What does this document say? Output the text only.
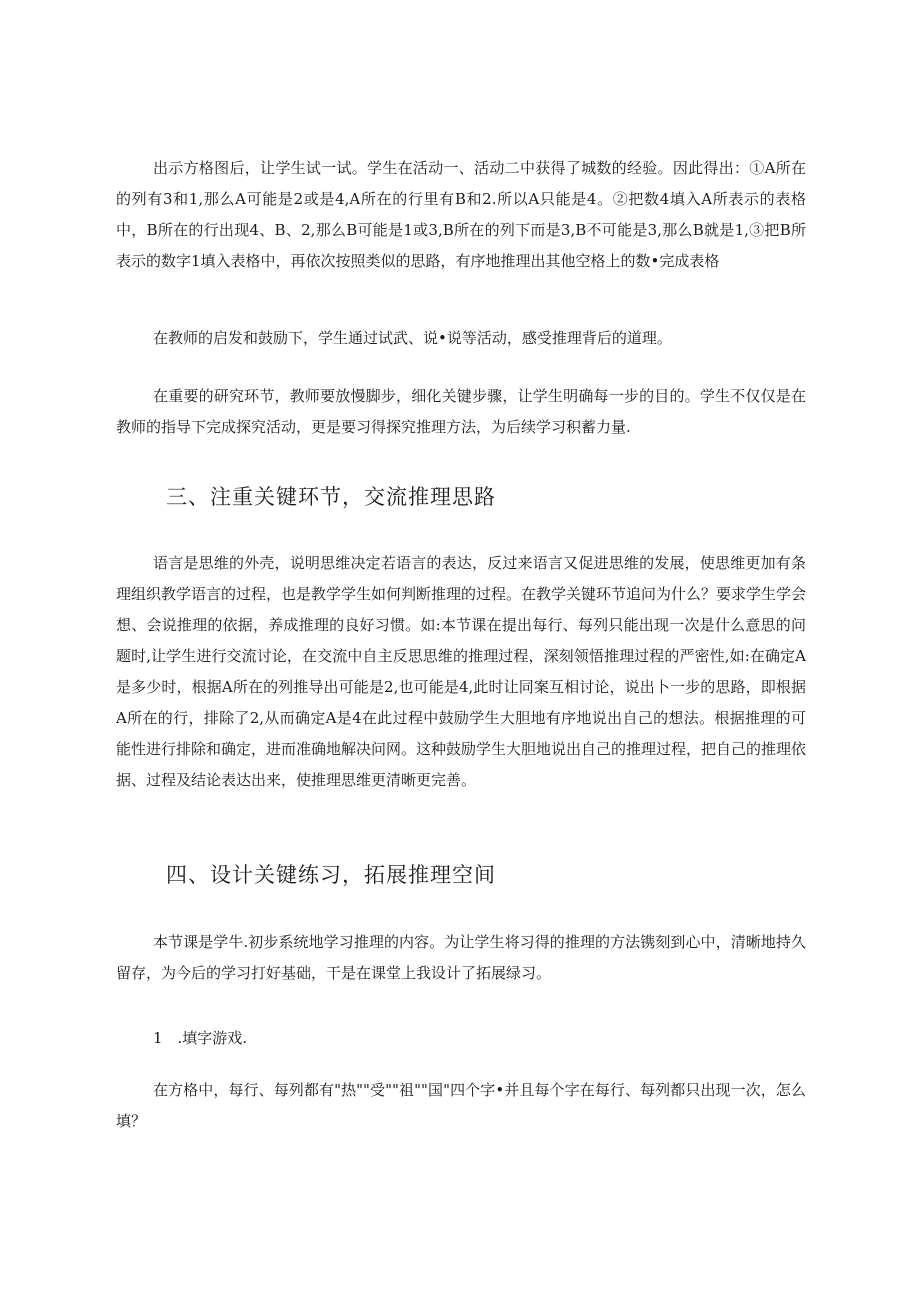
出示方格图后，让学生试一试。学生在活动一、活动二中获得了城数的经验。因此得出：①A所在的列有3和1,那么A可能是2或是4,A所在的行里有B和2.所以A只能是4。②把数4填入A所表示的表格中，B所在的行出现4、B、2,那么B可能是1或3,B所在的列下而是3,B不可能是3,那么B就是1,③把B所表示的数字1填入表格中，再依次按照类似的思路，有序地推理出其他空格上的数•完成表格

在教师的启发和鼓励下，学生通过试武、说•说等活动，感受推理背后的道理。

在重要的研究环节，教师要放慢脚步，细化关键步骤，让学生明确每一步的目的。学生不仅仅是在教师的指导下完成探究活动，更是要习得探究推理方法，为后续学习积蓄力量.

三、注重关键环节，交流推理思路

语言是思维的外壳，说明思维决定若语言的表达，反过来语言又促进思维的发展，使思维更加有条理组织教学语言的过程，也是教学学生如何判断推理的过程。在教学关键环节追问为什么？要求学生学会想、会说推理的依据，养成推理的良好习惯。如:本节课在提出每行、每列只能出现一次是什么意思的问题时,让学生进行交流讨论，在交流中自主反思思维的推理过程，深刻领悟推理过程的严密性,如:在确定A是多少时，根据A所在的列推导出可能是2,也可能是4,此时让同案互相讨论，说出卜一步的思路，即根据A所在的行，排除了2,从而确定A是4在此过程中鼓励学生大胆地有序地说出自己的想法。根据推理的可能性进行排除和确定，进而准确地解决问网。这种鼓励学生大胆地说出自己的推理过程，把自己的推理依据、过程及结论表达出来，使推理思维更清晰更完善。

四、设计关键练习，拓展推理空间

本节课是学牛.初步系统地学习推理的内容。为让学生将习得的推理的方法镌刻到心中，清晰地持久留存，为今后的学习打好基础，干是在课堂上我设计了拓展绿习。

1　.填字游戏.

在方格中，每行、每列都有"热""受""祖""国"四个字•并且每个字在每行、每列都只出现一次，怎么填？
